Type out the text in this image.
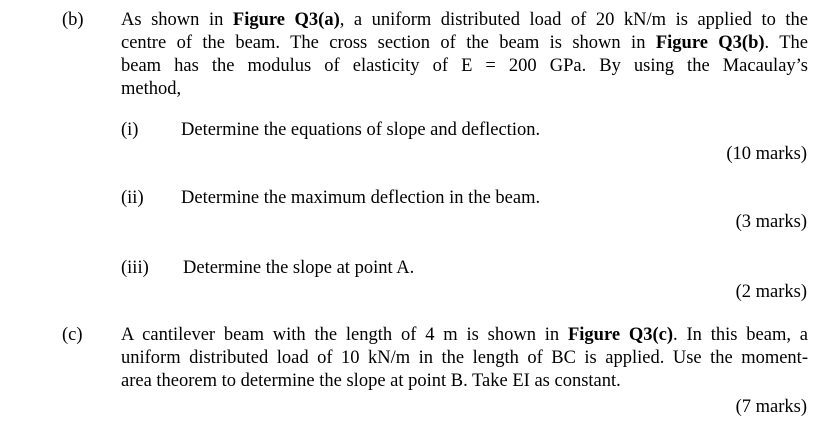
(b) As shown in Figure Q3(a), a uniform distributed load of 20 kN/m is applied to the
centre of the beam. The cross section of the beam is shown in Figure Q3(b). The
beam has the modulus of elasticity of E = 200 GPa. By using the Macaulay’s
method,
(i) Determine the equations of slope and deflection.
(10 marks)
(ii) Determine the maximum deflection in the beam.
(3 marks)
(iii) Determine the slope at point A.
(2 marks)
(c) A cantilever beam with the length of 4 m is shown in Figure Q3(c). In this beam, a
uniform distributed load of 10 kN/m in the length of BC is applied. Use the moment-
area theorem to determine the slope at point B. Take EI as constant.
(7 marks)
